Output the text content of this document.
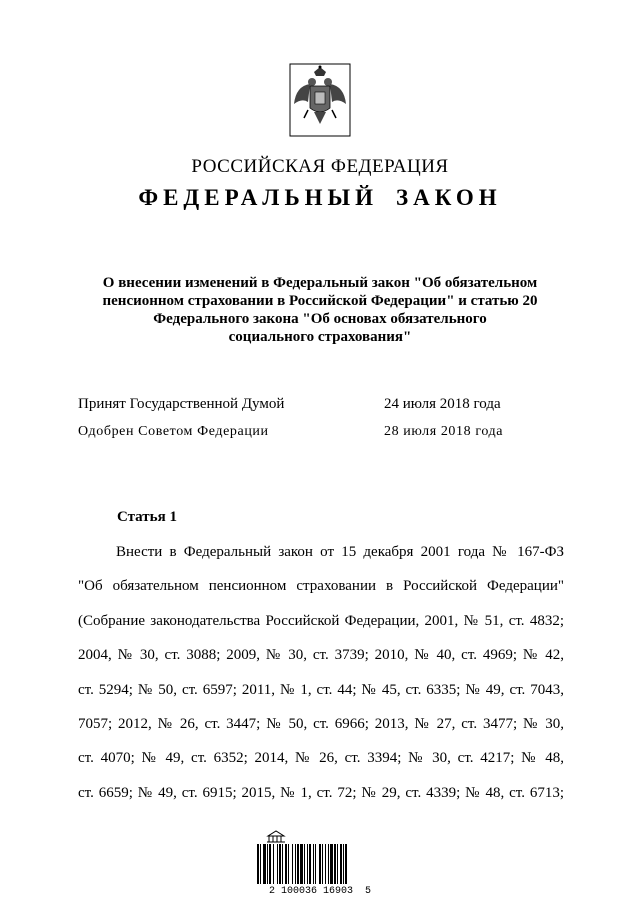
РОССИЙСКАЯ ФЕДЕРАЦИЯ
ФЕДЕРАЛЬНЫЙ ЗАКОН
О внесении изменений в Федеральный закон "Об обязательном
пенсионном страховании в Российской Федерации" и статью 20
Федерального закона "Об основах обязательного
социального страхования"
Принят Государственной Думой	24 июля 2018 года
Одобрен Советом Федерации	28 июля 2018 года
Статья 1
Внести в Федеральный закон от 15 декабря 2001 года № 167-ФЗ
"Об обязательном пенсионном страховании в Российской Федерации"
(Собрание законодательства Российской Федерации, 2001, № 51, ст. 4832;
2004, № 30, ст. 3088; 2009, № 30, ст. 3739; 2010, № 40, ст. 4969; № 42,
ст. 5294; № 50, ст. 6597; 2011, № 1, ст. 44; № 45, ст. 6335; № 49, ст. 7043,
7057; 2012, № 26, ст. 3447; № 50, ст. 6966; 2013, № 27, ст. 3477; № 30,
ст. 4070; № 49, ст. 6352; 2014, № 26, ст. 3394; № 30, ст. 4217; № 48,
ст. 6659; № 49, ст. 6915; 2015, № 1, ст. 72; № 29, ст. 4339; № 48, ст. 6713;
2 100036 16903  5
